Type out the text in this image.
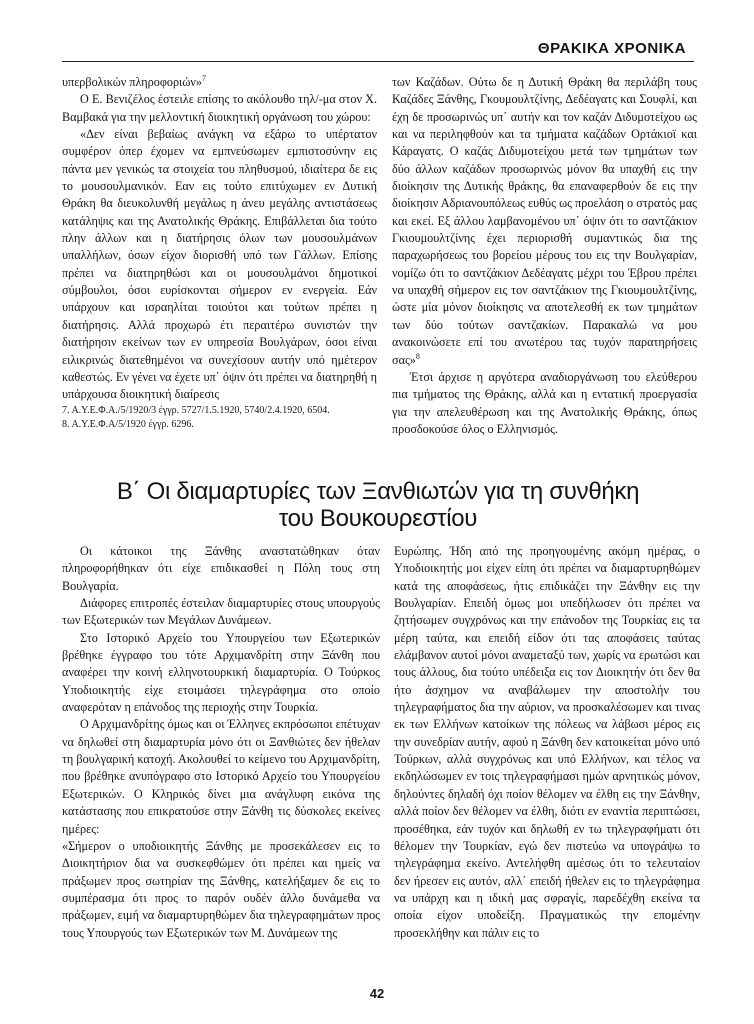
ΘΡΑΚΙΚΑ ΧΡΟΝΙΚΑ

υπερβολικών πληροφοριών»$^7$

Ο Ε. Βενιζέλος έστειλε επίσης το ακόλουθο τηλ/-μα στον Χ. Βαμβακά για την μελλοντική διοικητική οργάνωση του χώρου:

«Δεν είναι βεβαίως ανάγκη να εξάρω το υπέρτατον συμφέρον όπερ έχομεν να εμπνεύσωμεν εμπιστοσύνην εις πάντα μεν γενικώς τα στοιχεία του πληθυσμού, ιδιαίτερα δε εις το μουσουλμανικόν. Εαν εις τούτο επιτύχωμεν εν Δυτική Θράκη θα διευκολυνθή μεγάλως η άνευ μεγάλης αντιστάσεως κατάληψις και της Ανατολικής Θράκης. Επιβάλλεται δια τούτο πλην άλλων και η διατήρησις όλων των μουσουλμάνων υπαλλήλων, όσων είχον διορισθή υπό των Γάλλων. Επίσης πρέπει να διατηρηθώσι και οι μουσουλμάνοι δημοτικοί σύμβουλοι, όσοι ευρίσκονται σήμερον εν ενεργεία. Εάν υπάρχουν και ισραηλίται τοιούτοι και τούτων πρέπει η διατήρησις. Αλλά προχωρώ έτι περαιτέρω συνιστών την διατήρησιν εκείνων των εν υπηρεσία Βουλγάρων, όσοι είναι ειλικρινώς διατεθημένοι να συνεχίσουν αυτήν υπό ημέτερον καθεστώς. Εν γένει να έχετε υπ΄ όψιν ότι πρέπει να διατηρηθή η υπάρχουσα διοικητική διαίρεσις

7. Α.Υ.Ε.Φ.Α./5/1920/3 έγγρ. 5727/1.5.1920, 5740/2.4.1920, 6504.

8. Α.Υ.Ε.Φ.Α/5/1920 έγγρ. 6296.

των Καζάδων. Ούτω δε η Δυτική Θράκη θα περιλάβη τους Καζάδες Ξάνθης, Γκουμουλτζίνης, Δεδέαγατς και Σουφλί, και έχη δε προσωρινώς υπ΄ αυτήν και τον καζάν Διδυμοτείχου ως και να περιληφθούν και τα τμήματα καζάδων Ορτάκιοϊ και Κάραγατς. Ο καζάς Διδυμοτείχου μετά των τμημάτων των δύο άλλων καζάδων προσωρινώς μόνον θα υπαχθή εις την διοίκησιν της Δυτικής θράκης, θα επαναφερθούν δε εις την διοίκησιν Αδριανουπόλεως ευθύς ως προελάση ο στρατός μας και εκεί. Εξ άλλου λαμβανομένου υπ΄ όψιν ότι το σαντζάκιον Γκιουμουλτζίνης έχει περιορισθή συμαντικώς δια της παραχωρήσεως του βορείου μέρους του εις την Βουλγαρίαν, νομίζω ότι το σαντζάκιον Δεδέαγατς μέχρι του Έβρου πρέπει να υπαχθή σήμερον εις τον σαντζάκιον της Γκιουμουλτζίνης, ώστε μία μόνον διοίκησις να αποτελεσθή εκ των τμημάτων των δύο τούτων σαντζακίων. Παρακαλώ να μου ανακοινώσετε επί του ανωτέρου τας τυχόν παρατηρήσεις σας»$^8$

Έτσι άρχισε η αργότερα αναδιοργάνωση του ελεύθερου πια τμήματος της Θράκης, αλλά και η εντατική προεργασία για την απελευθέρωση και της Ανατολικής Θράκης, όπως προσδοκούσε όλος ο Ελληνισμός.

Β΄ Οι διαμαρτυρίες των Ξανθιωτών για τη συνθήκη
του Βουκουρεστίου

Οι κάτοικοι της Ξάνθης αναστατώθηκαν όταν πληροφορήθηκαν ότι είχε επιδικασθεί η Πόλη τους στη Βουλγαρία.

Διάφορες επιτροπές έστειλαν διαμαρτυρίες στους υπουργούς των Εξωτερικών των Μεγάλων Δυνάμεων.

Στο Ιστορικό Αρχείο του Υπουργείου των Εξωτερικών βρέθηκε έγγραφο του τότε Αρχιμανδρίτη στην Ξάνθη που αναφέρει την κοινή ελληνοτουρκική διαμαρτυρία. Ο Τούρκος Υποδιοικητής είχε ετοιμάσει τηλεγράφημα στο οποίο αναφερόταν η επάνοδος της περιοχής στην Τουρκία.

Ο Αρχιμανδρίτης όμως και οι Έλληνες εκπρόσωποι επέτυχαν να δηλωθεί στη διαμαρτυρία μόνο ότι οι Ξανθιώτες δεν ήθελαν τη βουλγαρική κατοχή. Ακολουθεί το κείμενο του Αρχιμανδρίτη, που βρέθηκε ανυπόγραφο στο Ιστορικό Αρχείο του Υπουργείου Εξωτερικών. Ο Κληρικός δίνει μια ανάγλυφη εικόνα της κατάστασης που επικρατούσε στην Ξάνθη τις δύσκολες εκείνες ημέρες:

«Σήμερον ο υποδιοικητής Ξάνθης με προσεκάλεσεν εις το Διοικητήριον δια να συσκεφθώμεν ότι πρέπει και ημείς να πράξωμεν προς σωτηρίαν της Ξάνθης, κατελήξαμεν δε εις το συμπέρασμα ότι προς το παρόν ουδέν άλλο δυνάμεθα να πράξωμεν, ειμή να διαμαρτυρηθώμεν δια τηλεγραφημάτων προς τους Υπουργούς των Εξωτερικών των Μ. Δυνάμεων της

Ευρώπης. Ήδη από της προηγουμένης ακόμη ημέρας, ο Υποδιοικητής μοι είχεν είπη ότι πρέπει να διαμαρτυρηθώμεν κατά της αποφάσεως, ήτις επιδικάζει την Ξάνθην εις την Βουλγαρίαν. Επειδή όμως μοι υπεδήλωσεν ότι πρέπει να ζητήσωμεν συγχρόνως και την επάνοδον της Τουρκίας εις τα μέρη ταύτα, και επειδή είδον ότι τας αποφάσεις ταύτας ελάμβανον αυτοί μόνοι αναμεταξύ των, χωρίς να ερωτώσι και τους άλλους, δια τούτο υπέδειξα εις τον Διοικητήν ότι δεν θα ήτο άσχημον να αναβάλωμεν την αποστολήν του τηλεγραφήματος δια την αύριον, να προσκαλέσωμεν και τινας εκ των Ελλήνων κατοίκων της πόλεως να λάβωσι μέρος εις την συνεδρίαν αυτήν, αφού η Ξάνθη δεν κατοικείται μόνο υπό Τούρκων, αλλά συγχρόνως και υπό Ελλήνων, και τέλος να εκδηλώσωμεν εν τοις τηλεγραφήμασι ημών αρνητικώς μόνον, δηλούντες δηλαδή όχι ποίον θέλομεν να έλθη εις την Ξάνθην, αλλά ποίον δεν θέλομεν να έλθη, διότι εν εναντία περιπτώσει, προσέθηκα, εάν τυχόν και δηλωθή εν τω τηλεγραφήματι ότι θέλομεν την Τουρκίαν, εγώ δεν πιστεύω να υπογράψω το τηλεγράφημα εκείνο. Αντελήφθη αμέσως ότι το τελευταίον δεν ήρεσεν εις αυτόν, αλλ΄ επειδή ήθελεν εις το τηλεγράφημα να υπάρχη και η ιδική μας σφραγίς, παρεδέχθη εκείνα τα οποία είχον υποδείξη. Πραγματικώς την επομένην προσεκλήθην και πάλιν εις το

42
